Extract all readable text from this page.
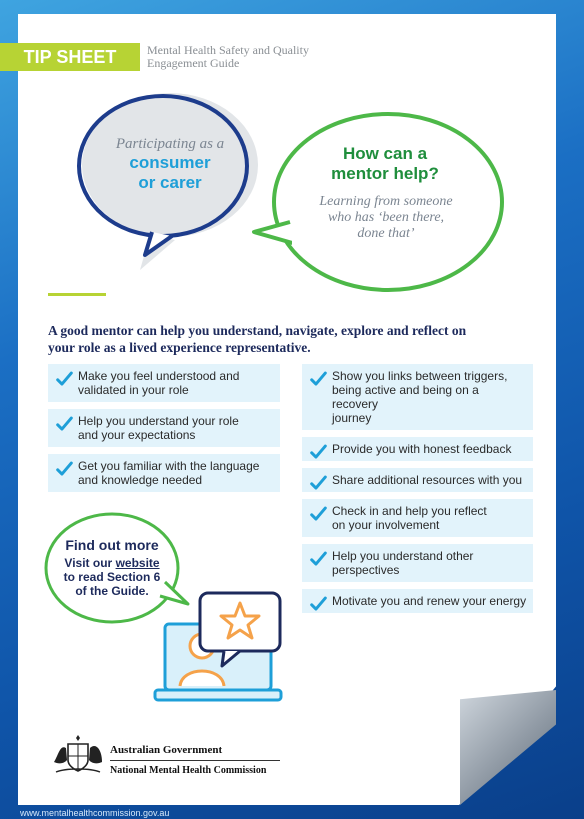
TIP SHEET	Mental Health Safety and Quality
Engagement Guide
Participating as a
consumer
or carer
How can a
mentor help?
Learning from someone
who has ‘been there,
done that’
A good mentor can help you understand, navigate, explore and reflect on
your role as a lived experience representative.
Make you feel understood and
validated in your role
Help you understand your role
and your expectations
Get you familiar with the language
and knowledge needed
Show you links between triggers,
being active and being on a recovery
journey
Provide you with honest feedback
Share additional resources with you
Check in and help you reflect
on your involvement
Help you understand other
perspectives
Motivate you and renew your energy
Find out more
Visit our website
to read Section 6
of the Guide.
Australian Government
National Mental Health Commission
www.mentalhealthcommission.gov.au
